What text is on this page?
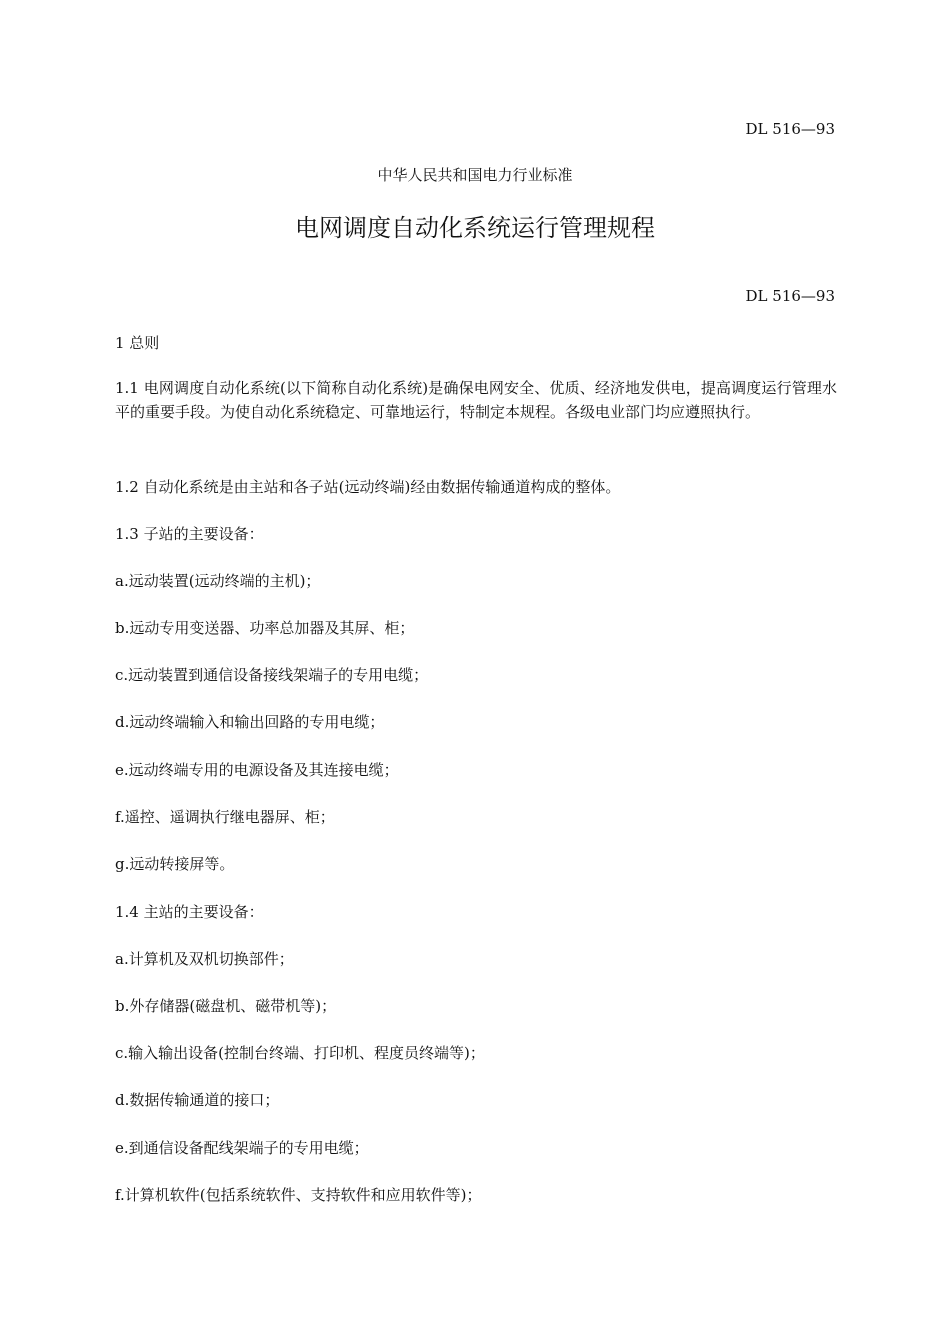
DL 516—93
中华人民共和国电力行业标准
电网调度自动化系统运行管理规程
DL 516—93
1 总则
1.1 电网调度自动化系统(以下简称自动化系统)是确保电网安全、优质、经济地发供电，提高调度运行管理水平的重要手段。为使自动化系统稳定、可靠地运行，特制定本规程。各级电业部门均应遵照执行。
1.2 自动化系统是由主站和各子站(远动终端)经由数据传输通道构成的整体。
1.3 子站的主要设备：
a.远动装置(远动终端的主机)；
b.远动专用变送器、功率总加器及其屏、柜；
c.远动装置到通信设备接线架端子的专用电缆；
d.远动终端输入和输出回路的专用电缆；
e.远动终端专用的电源设备及其连接电缆；
f.遥控、遥调执行继电器屏、柜；
g.远动转接屏等。
1.4 主站的主要设备：
a.计算机及双机切换部件；
b.外存储器(磁盘机、磁带机等)；
c.输入输出设备(控制台终端、打印机、程度员终端等)；
d.数据传输通道的接口；
e.到通信设备配线架端子的专用电缆；
f.计算机软件(包括系统软件、支持软件和应用软件等)；
